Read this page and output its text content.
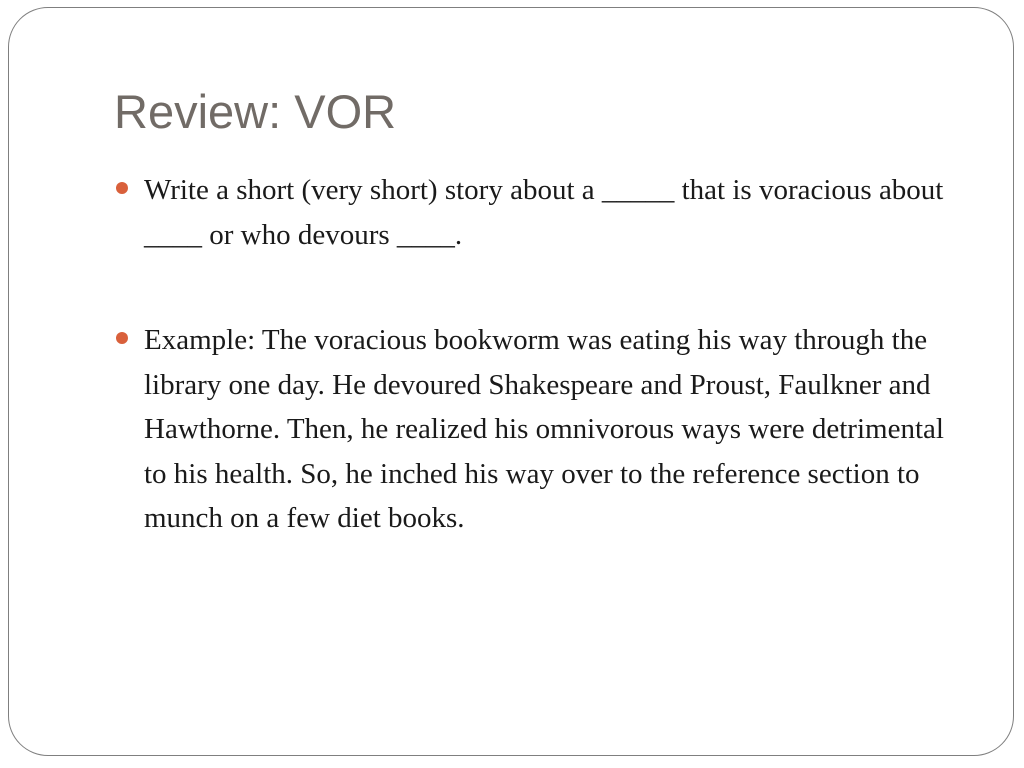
Review: VOR
Write a short (very short) story about a _____ that is voracious about ____ or who devours ____.
Example: The voracious bookworm was eating his way through the library one day. He devoured Shakespeare and Proust, Faulkner and Hawthorne. Then, he realized his omnivorous ways were detrimental to his health. So, he inched his way over to the reference section to munch on a few diet books.
